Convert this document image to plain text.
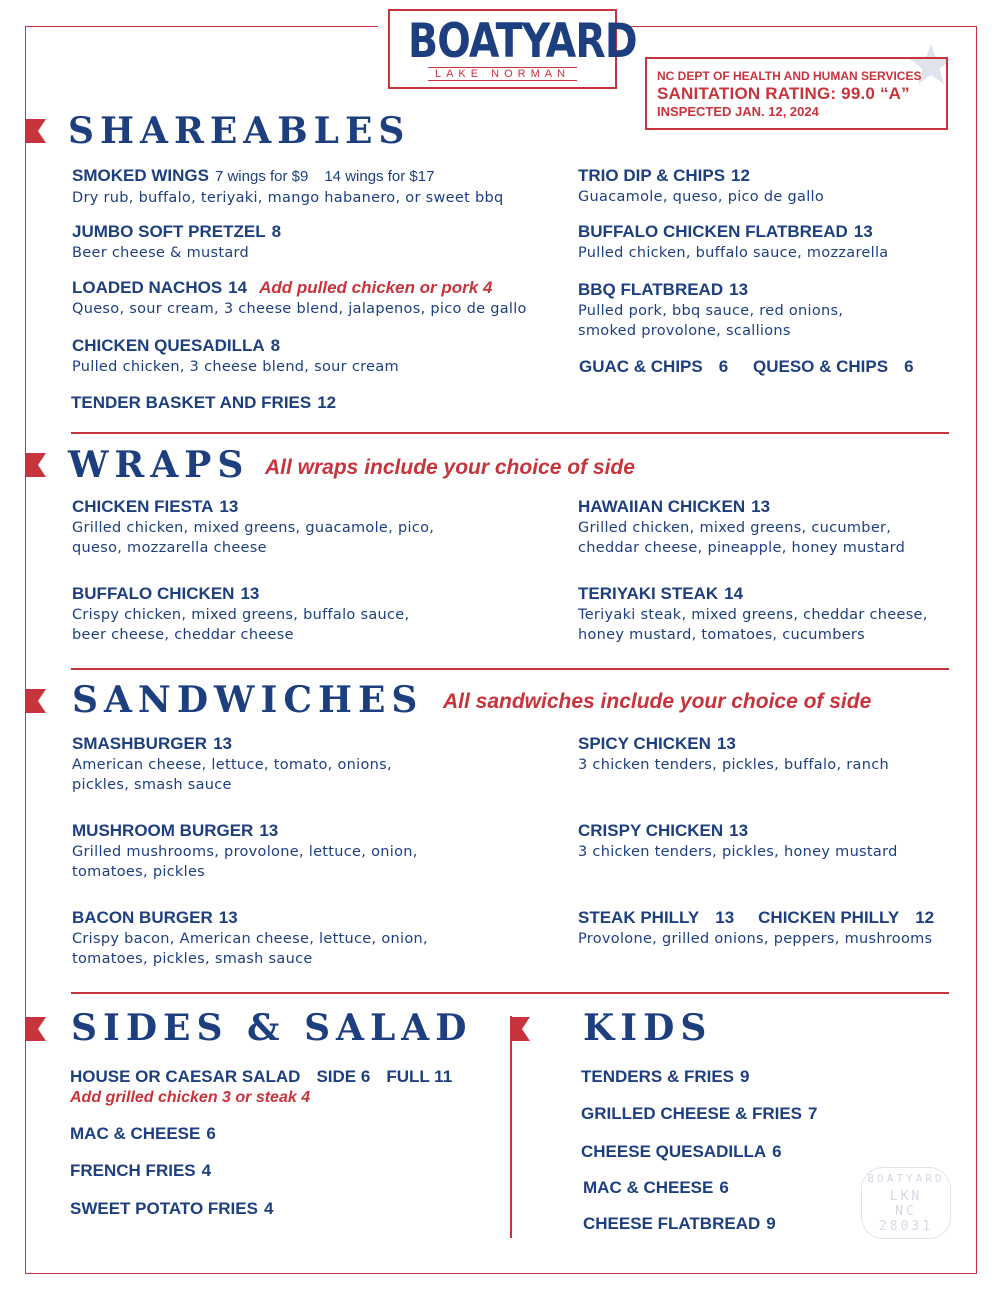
BOATYARD
LAKE NORMAN	NC DEPT OF HEALTH AND HUMAN SERVICES
SANITATION RATING: 99.0 “A”
INSPECTED JAN. 12, 2024
SHAREABLES
SMOKED WINGS 7 wings for $9 14 wings for $17
Dry rub, buffalo, teriyaki, mango habanero, or sweet bbq
JUMBO SOFT PRETZEL 8
Beer cheese & mustard
LOADED NACHOS 14 Add pulled chicken or pork 4
Queso, sour cream, 3 cheese blend, jalapenos, pico de gallo
CHICKEN QUESADILLA 8
Pulled chicken, 3 cheese blend, sour cream
TENDER BASKET AND FRIES 12
TRIO DIP & CHIPS 12
Guacamole, queso, pico de gallo
BUFFALO CHICKEN FLATBREAD 13
Pulled chicken, buffalo sauce, mozzarella
BBQ FLATBREAD 13
Pulled pork, bbq sauce, red onions,
smoked provolone, scallions
GUAC & CHIPS 6 QUESO & CHIPS 6
WRAPS All wraps include your choice of side
CHICKEN FIESTA 13
Grilled chicken, mixed greens, guacamole, pico,
queso, mozzarella cheese
BUFFALO CHICKEN 13
Crispy chicken, mixed greens, buffalo sauce,
beer cheese, cheddar cheese
HAWAIIAN CHICKEN 13
Grilled chicken, mixed greens, cucumber,
cheddar cheese, pineapple, honey mustard
TERIYAKI STEAK 14
Teriyaki steak, mixed greens, cheddar cheese,
honey mustard, tomatoes, cucumbers
SANDWICHES All sandwiches include your choice of side
SMASHBURGER 13
American cheese, lettuce, tomato, onions,
pickles, smash sauce
MUSHROOM BURGER 13
Grilled mushrooms, provolone, lettuce, onion,
tomatoes, pickles
BACON BURGER 13
Crispy bacon, American cheese, lettuce, onion,
tomatoes, pickles, smash sauce
SPICY CHICKEN 13
3 chicken tenders, pickles, buffalo, ranch
CRISPY CHICKEN 13
3 chicken tenders, pickles, honey mustard
STEAK PHILLY 13 CHICKEN PHILLY 12
Provolone, grilled onions, peppers, mushrooms
SIDES & SALAD
HOUSE OR CAESAR SALAD SIDE 6 FULL 11
Add grilled chicken 3 or steak 4
MAC & CHEESE 6
FRENCH FRIES 4
SWEET POTATO FRIES 4
KIDS
TENDERS & FRIES 9
GRILLED CHEESE & FRIES 7
CHEESE QUESADILLA 6
MAC & CHEESE 6
CHEESE FLATBREAD 9
BOATYARD
LKN
NC
28031
